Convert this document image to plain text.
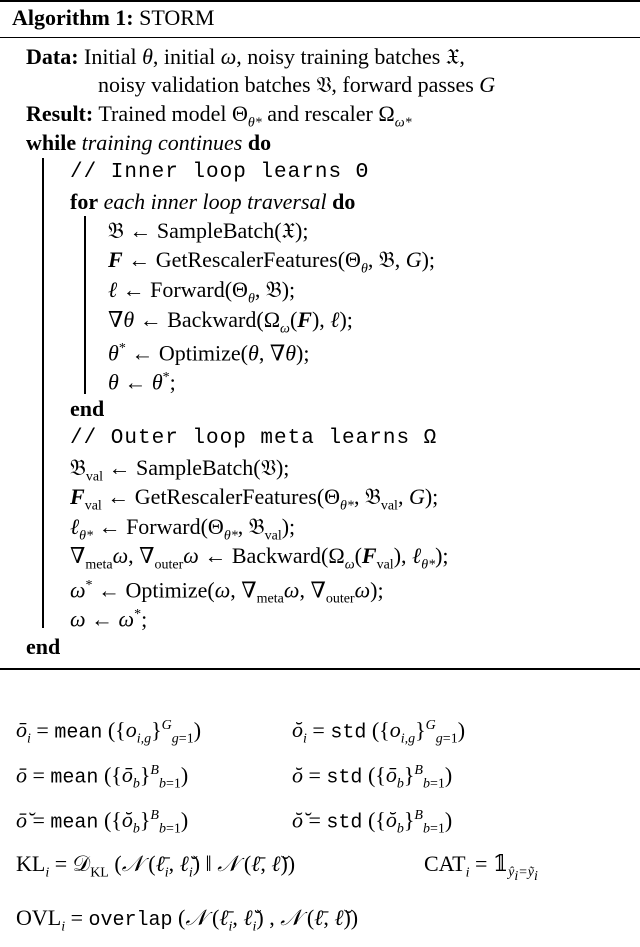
Algorithm 1: STORM
Data: Initial θ, initial ω, noisy training batches 𝔛,
noisy validation batches 𝔙, forward passes G
Result: Trained model $\Theta_{\theta*}$ and rescaler $\Omega_{\omega*}$
while training continues do
// Inner loop learns Θ
for each inner loop traversal do
𝔅 ← SampleBatch(𝔛);
F ← $GetRescalerFeatures(\Theta_\theta$, 𝔅, G);
ℓ ← $Forward(\Theta_\theta$, 𝔅);
∇θ ← $Backward(\Omega_\omega(F)$, ℓ);
θ* ← Optimize(θ, ∇θ);
θ ← θ*;
end
// Outer loop meta learns Ω
𝔅$_{val}$ ← SampleBatch(𝔙);
$F_{val}$ ← $GetRescalerFeatures(\Theta_{\theta*}$, 𝔅$_{val}$, G);
ℓ$_{\theta*}$ ← $Forward(\Theta_{\theta*}$, 𝔅$_{val}$);
$\nabla_{meta}\omega$, $\nabla_{outer}\omega$ ← $Backward(\Omega_\omega(F_{val})$, ℓ$_{\theta*}$);
ω* ← Optimize(ω, $\nabla_{meta}\omega$, $\nabla_{outer}\omega$);
ω ← ω*;
end
$ō_i$ = mean $(\{o_{i,g}\}^G_{g=1})$	$ŏ_i$ = std $(\{o_{i,g}\}^G_{g=1})$
ō = mean $(\{ō_b\}^B_{b=1})$	ŏ = std $(\{ō_b\}^B_{b=1})$
ō̆ = mean $(\{ŏ_b\}^B_{b=1})$	ŏ̆ = std $(\{ŏ_b\}^B_{b=1})$
$KL_i$ = 𝒟$_{KL}$ (𝒩 ($\ell̄_i$, $\ell̆_i$) ‖ 𝒩 (ℓ̄, ℓ̆))	$CAT_i$ = $𝟙_{ŷ_i=ỹ_i}$
$OVL_i$ = overlap (𝒩 ($\ell̄_i$, $\ell̆_i$) , 𝒩 (ℓ̄, ℓ̆))
